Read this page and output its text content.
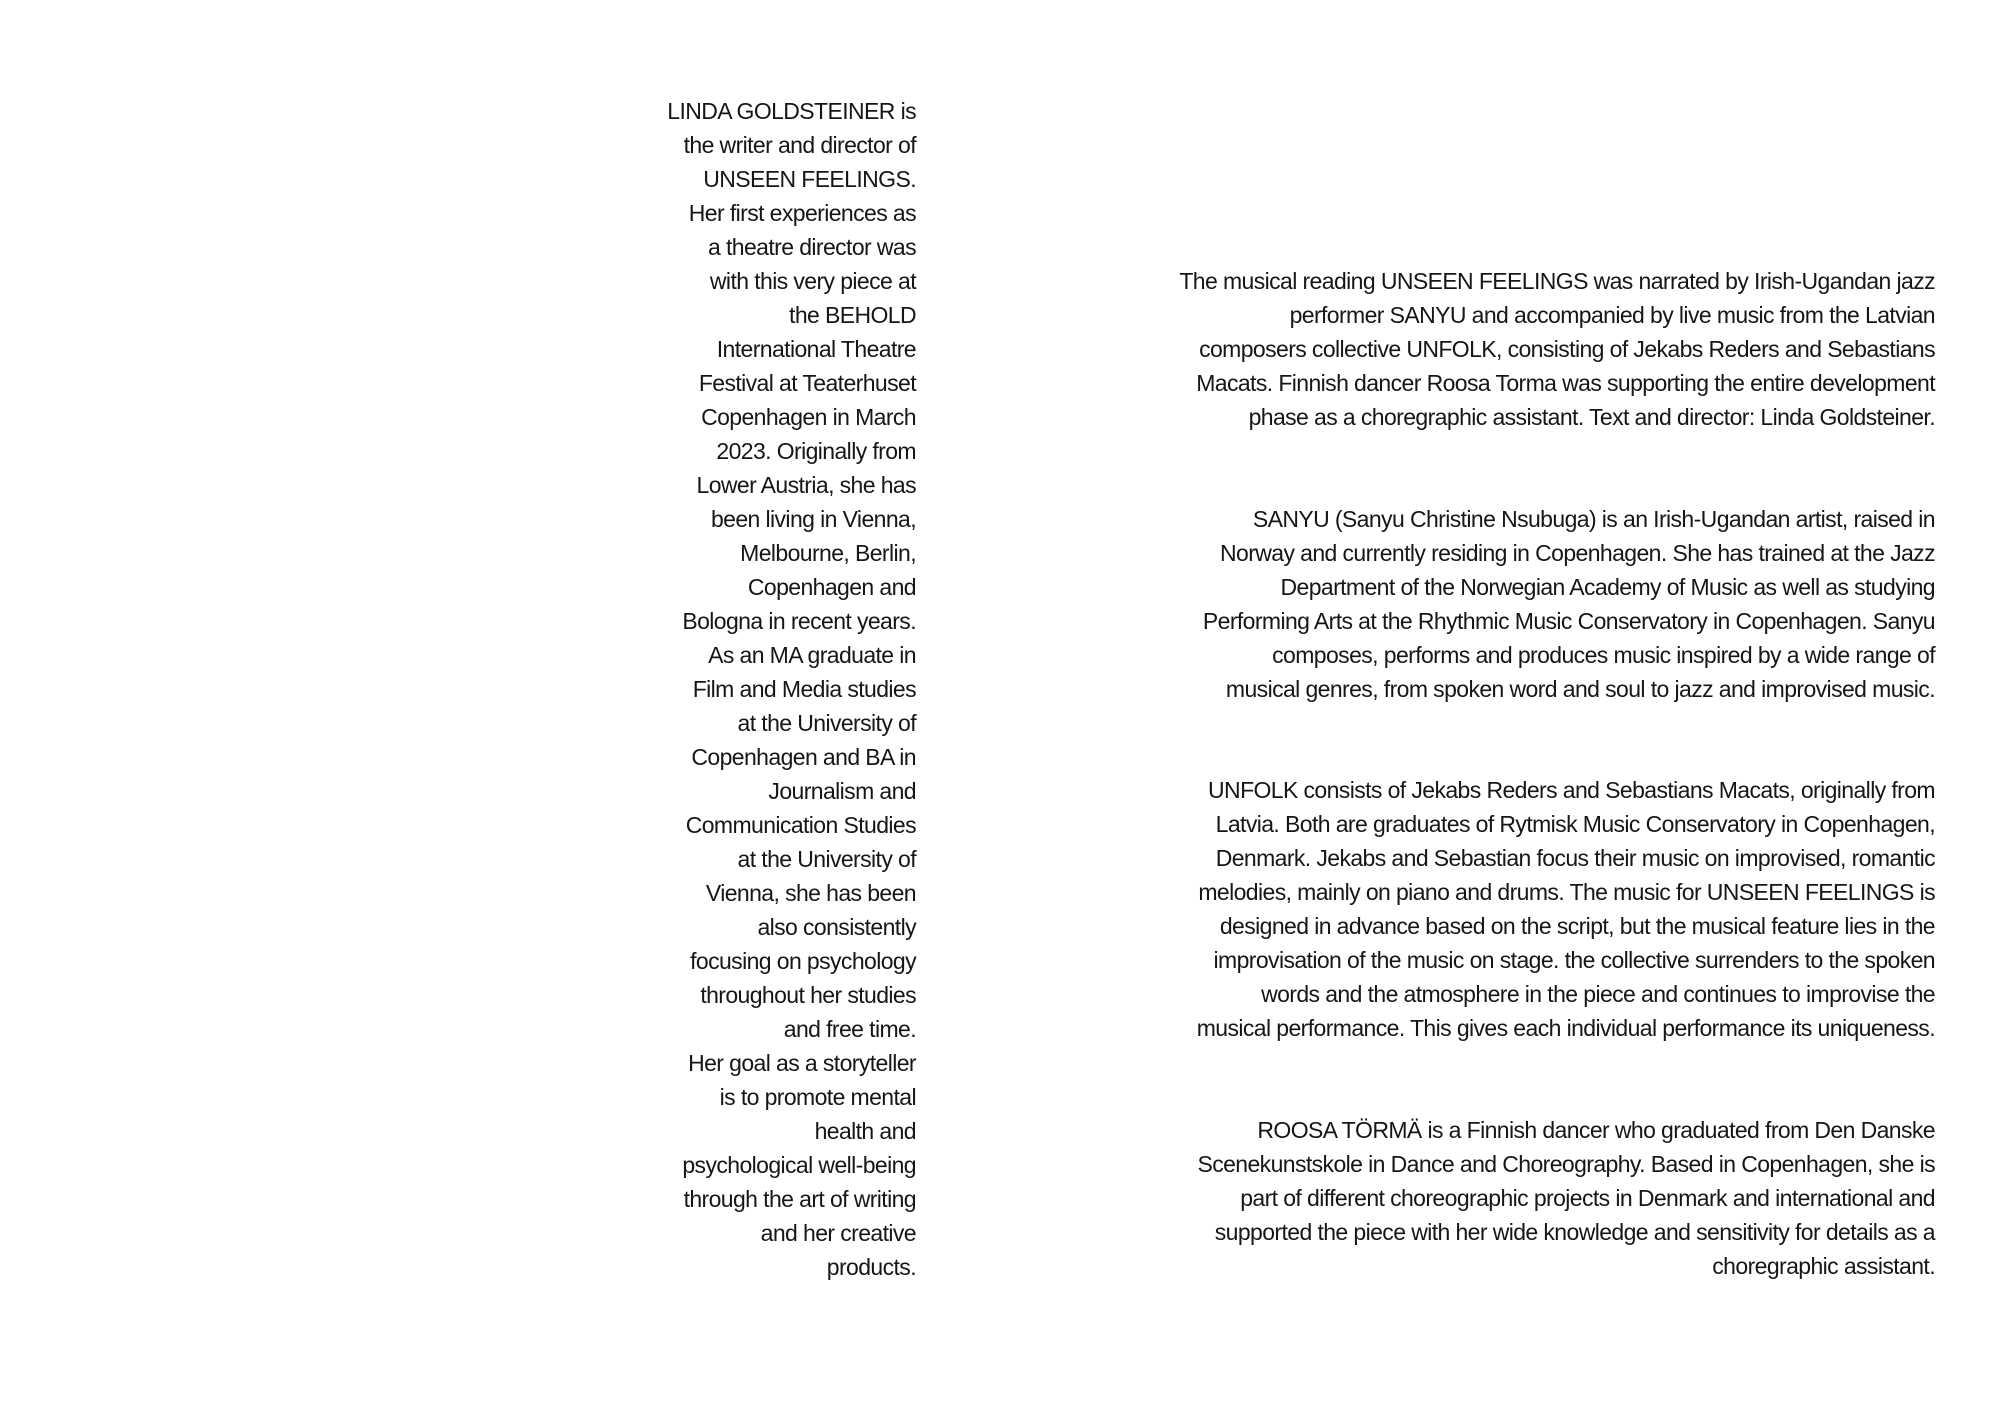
LINDA GOLDSTEINER is
the writer and director of
UNSEEN FEELINGS.
Her first experiences as
a theatre director was
with this very piece at
the BEHOLD
International Theatre
Festival at Teaterhuset
Copenhagen in March
2023. Originally from
Lower Austria, she has
been living in Vienna,
Melbourne, Berlin,
Copenhagen and
Bologna in recent years.
As an MA graduate in
Film and Media studies
at the University of
Copenhagen and BA in
Journalism and
Communication Studies
at the University of
Vienna, she has been
also consistently
focusing on psychology
throughout her studies
and free time.
Her goal as a storyteller
is to promote mental
health and
psychological well-being
through the art of writing
and her creative
products.
The musical reading UNSEEN FEELINGS was narrated by Irish-Ugandan jazz
performer SANYU and accompanied by live music from the Latvian
composers collective UNFOLK, consisting of Jekabs Reders and Sebastians
Macats. Finnish dancer Roosa Torma was supporting the entire development
phase as a choregraphic assistant. Text and director: Linda Goldsteiner.
SANYU (Sanyu Christine Nsubuga) is an Irish-Ugandan artist, raised in
Norway and currently residing in Copenhagen. She has trained at the Jazz
Department of the Norwegian Academy of Music as well as studying
Performing Arts at the Rhythmic Music Conservatory in Copenhagen. Sanyu
composes, performs and produces music inspired by a wide range of
musical genres, from spoken word and soul to jazz and improvised music.
UNFOLK consists of Jekabs Reders and Sebastians Macats, originally from
Latvia. Both are graduates of Rytmisk Music Conservatory in Copenhagen,
Denmark. Jekabs and Sebastian focus their music on improvised, romantic
melodies, mainly on piano and drums. The music for UNSEEN FEELINGS is
designed in advance based on the script, but the musical feature lies in the
improvisation of the music on stage. the collective surrenders to the spoken
words and the atmosphere in the piece and continues to improvise the
musical performance. This gives each individual performance its uniqueness.
ROOSA TÖRMÄ is a Finnish dancer who graduated from Den Danske
Scenekunstskole in Dance and Choreography. Based in Copenhagen, she is
part of different choreographic projects in Denmark and international and
supported the piece with her wide knowledge and sensitivity for details as a
choregraphic assistant.
